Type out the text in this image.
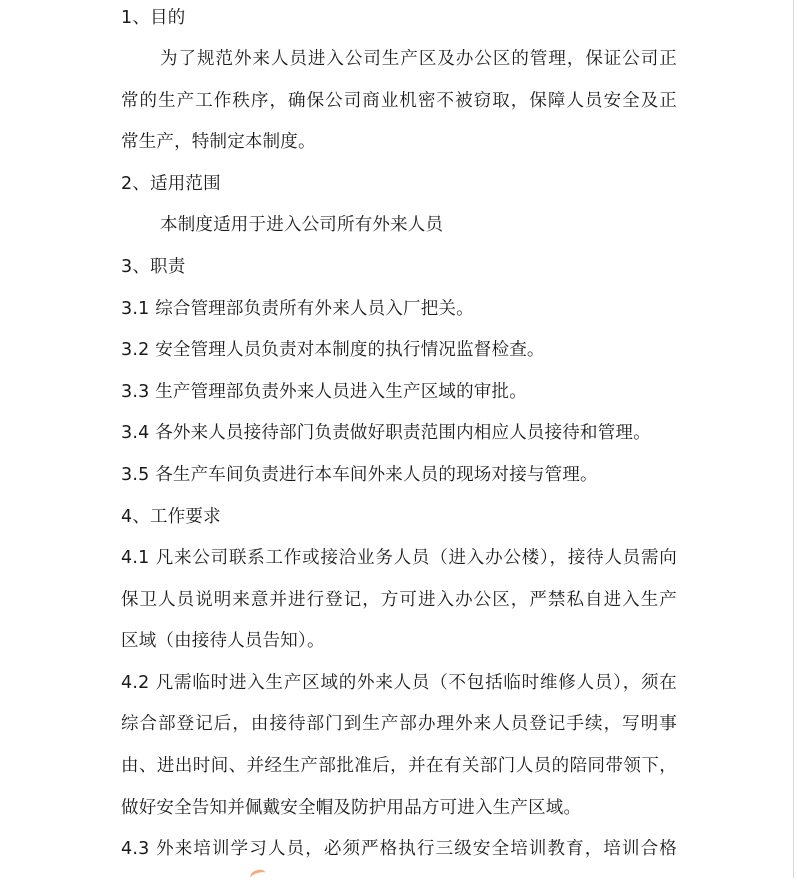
1、目的
为了规范外来人员进入公司生产区及办公区的管理，保证公司正
常的生产工作秩序，确保公司商业机密不被窃取，保障人员安全及正
常生产，特制定本制度。
2、适用范围
本制度适用于进入公司所有外来人员
3、职责
3.1 综合管理部负责所有外来人员入厂把关。
3.2 安全管理人员负责对本制度的执行情况监督检查。
3.3 生产管理部负责外来人员进入生产区域的审批。
3.4 各外来人员接待部门负责做好职责范围内相应人员接待和管理。
3.5 各生产车间负责进行本车间外来人员的现场对接与管理。
4、工作要求
4.1 凡来公司联系工作或接洽业务人员（进入办公楼），接待人员需向
保卫人员说明来意并进行登记，方可进入办公区，严禁私自进入生产
区域（由接待人员告知）。
4.2 凡需临时进入生产区域的外来人员（不包括临时维修人员），须在
综合部登记后，由接待部门到生产部办理外来人员登记手续，写明事
由、进出时间、并经生产部批准后，并在有关部门人员的陪同带领下，
做好安全告知并佩戴安全帽及防护用品方可进入生产区域。
4.3 外来培训学习人员，必须严格执行三级安全培训教育，培训合格
